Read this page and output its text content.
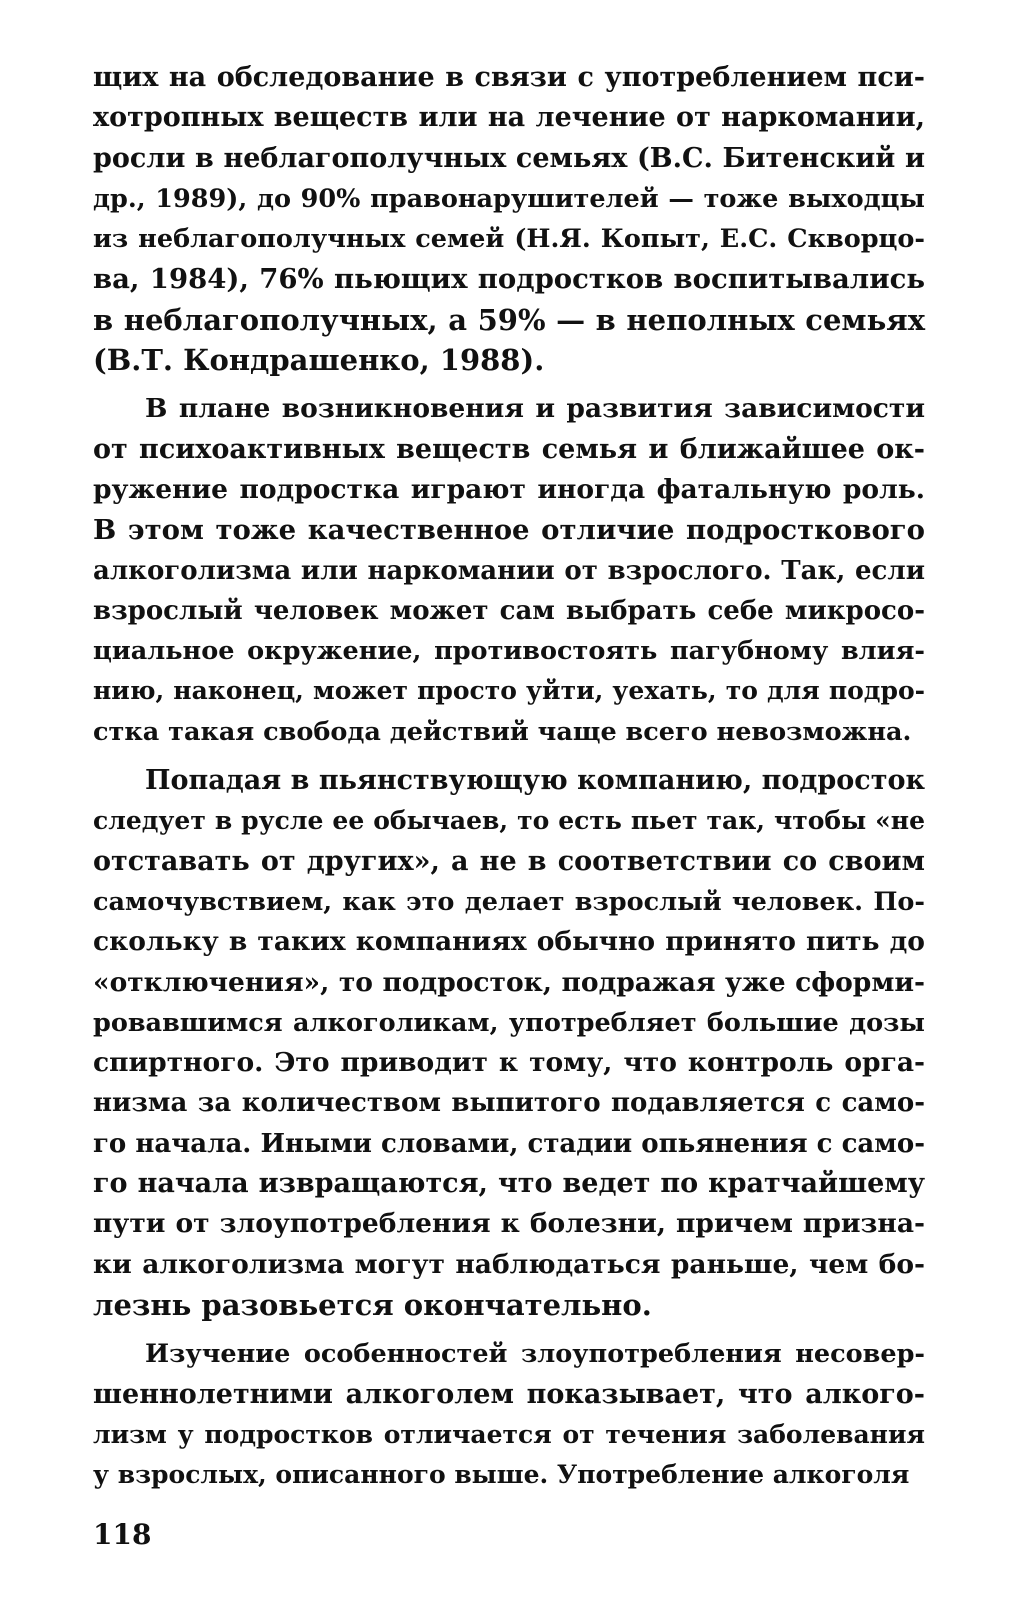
щих на обследование в связи с употреблением пси-
хотропных веществ или на лечение от наркомании,
росли в неблагополучных семьях (В.С. Битенский и
др., 1989), до 90% правонарушителей — тоже выходцы
из неблагополучных семей (Н.Я. Копыт, Е.С. Скворцо-
ва, 1984), 76% пьющих подростков воспитывались
в неблагополучных, а 59% — в неполных семьях
(В.Т. Кондрашенко, 1988).
В плане возникновения и развития зависимости
от психоактивных веществ семья и ближайшее ок-
ружение подростка играют иногда фатальную роль.
В этом тоже качественное отличие подросткового
алкоголизма или наркомании от взрослого. Так, если
взрослый человек может сам выбрать себе микросо-
циальное окружение, противостоять пагубному влия-
нию, наконец, может просто уйти, уехать, то для подро-
стка такая свобода действий чаще всего невозможна.
Попадая в пьянствующую компанию, подросток
следует в русле ее обычаев, то есть пьет так, чтобы «не
отставать от других», а не в соответствии со своим
самочувствием, как это делает взрослый человек. По-
скольку в таких компаниях обычно принято пить до
«отключения», то подросток, подражая уже сформи-
ровавшимся алкоголикам, употребляет большие дозы
спиртного. Это приводит к тому, что контроль орга-
низма за количеством выпитого подавляется с само-
го начала. Иными словами, стадии опьянения с само-
го начала извращаются, что ведет по кратчайшему
пути от злоупотребления к болезни, причем призна-
ки алкоголизма могут наблюдаться раньше, чем бо-
лезнь разовьется окончательно.
Изучение особенностей злоупотребления несовер-
шеннолетними алкоголем показывает, что алкого-
лизм у подростков отличается от течения заболевания
у взрослых, описанного выше. Употребление алкоголя
118
